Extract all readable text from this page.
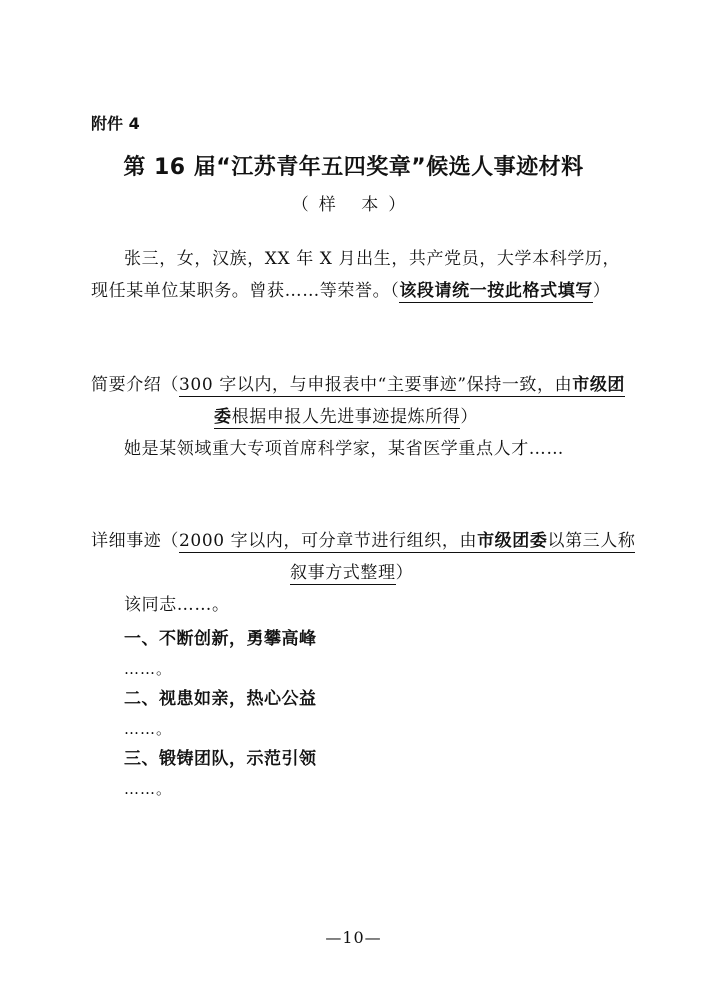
附件 4
第 16 届“江苏青年五四奖章”候选人事迹材料
（样 本）
张三，女，汉族，XX 年 X 月出生，共产党员，大学本科学历，
现任某单位某职务。曾获……等荣誉。（该段请统一按此格式填写）
简要介绍（300 字以内，与申报表中“主要事迹”保持一致，由市级团
委根据申报人先进事迹提炼所得）
她是某领域重大专项首席科学家，某省医学重点人才……
详细事迹（2000 字以内，可分章节进行组织，由市级团委以第三人称
叙事方式整理）
该同志……。
一、不断创新，勇攀高峰
……。
二、视患如亲，热心公益
……。
三、锻铸团队，示范引领
……。
—10—
